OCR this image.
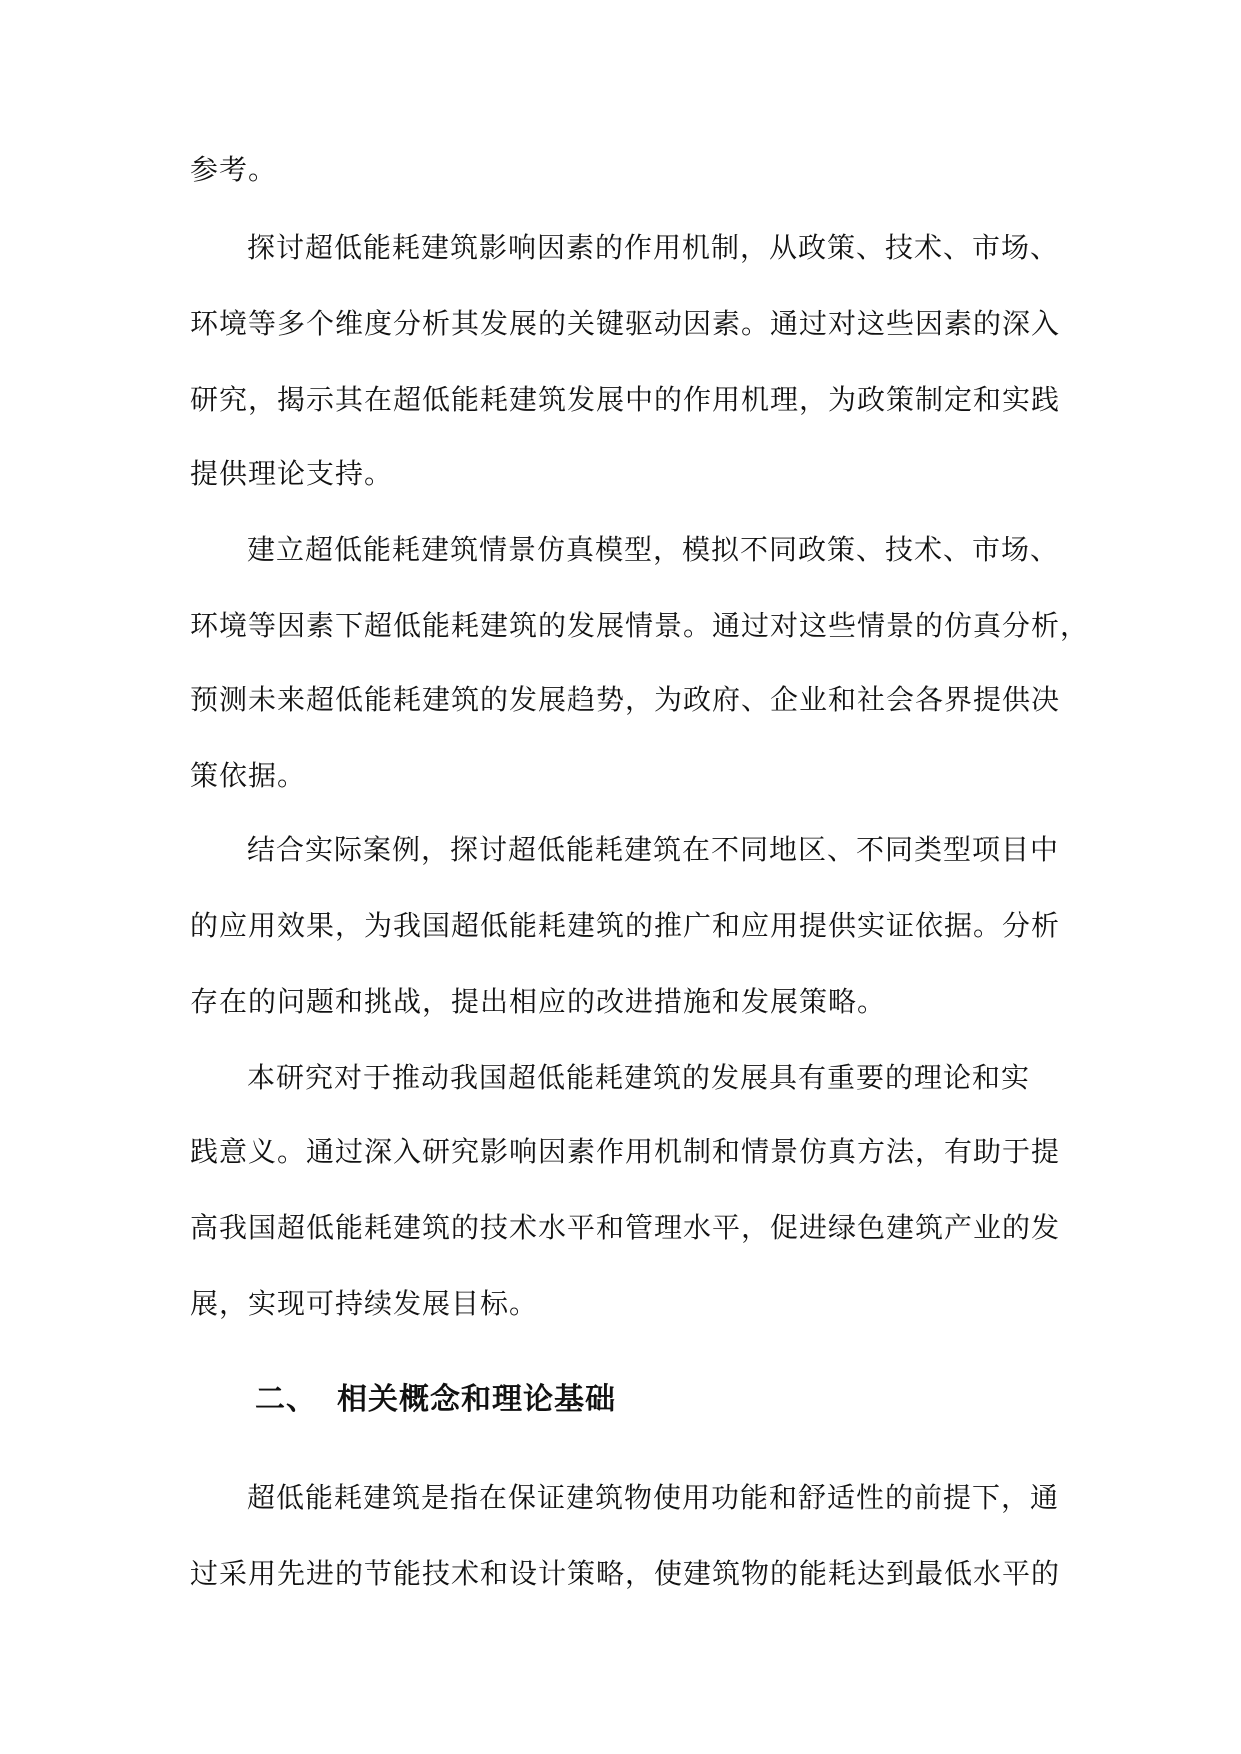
参考。
探讨超低能耗建筑影响因素的作用机制，从政策、技术、市场、
环境等多个维度分析其发展的关键驱动因素。通过对这些因素的深入
研究，揭示其在超低能耗建筑发展中的作用机理，为政策制定和实践
提供理论支持。
建立超低能耗建筑情景仿真模型，模拟不同政策、技术、市场、
环境等因素下超低能耗建筑的发展情景。通过对这些情景的仿真分析，
预测未来超低能耗建筑的发展趋势，为政府、企业和社会各界提供决
策依据。
结合实际案例，探讨超低能耗建筑在不同地区、不同类型项目中
的应用效果，为我国超低能耗建筑的推广和应用提供实证依据。分析
存在的问题和挑战，提出相应的改进措施和发展策略。
本研究对于推动我国超低能耗建筑的发展具有重要的理论和实
践意义。通过深入研究影响因素作用机制和情景仿真方法，有助于提
高我国超低能耗建筑的技术水平和管理水平，促进绿色建筑产业的发
展，实现可持续发展目标。
二、 相关概念和理论基础
超低能耗建筑是指在保证建筑物使用功能和舒适性的前提下，通
过采用先进的节能技术和设计策略，使建筑物的能耗达到最低水平的
